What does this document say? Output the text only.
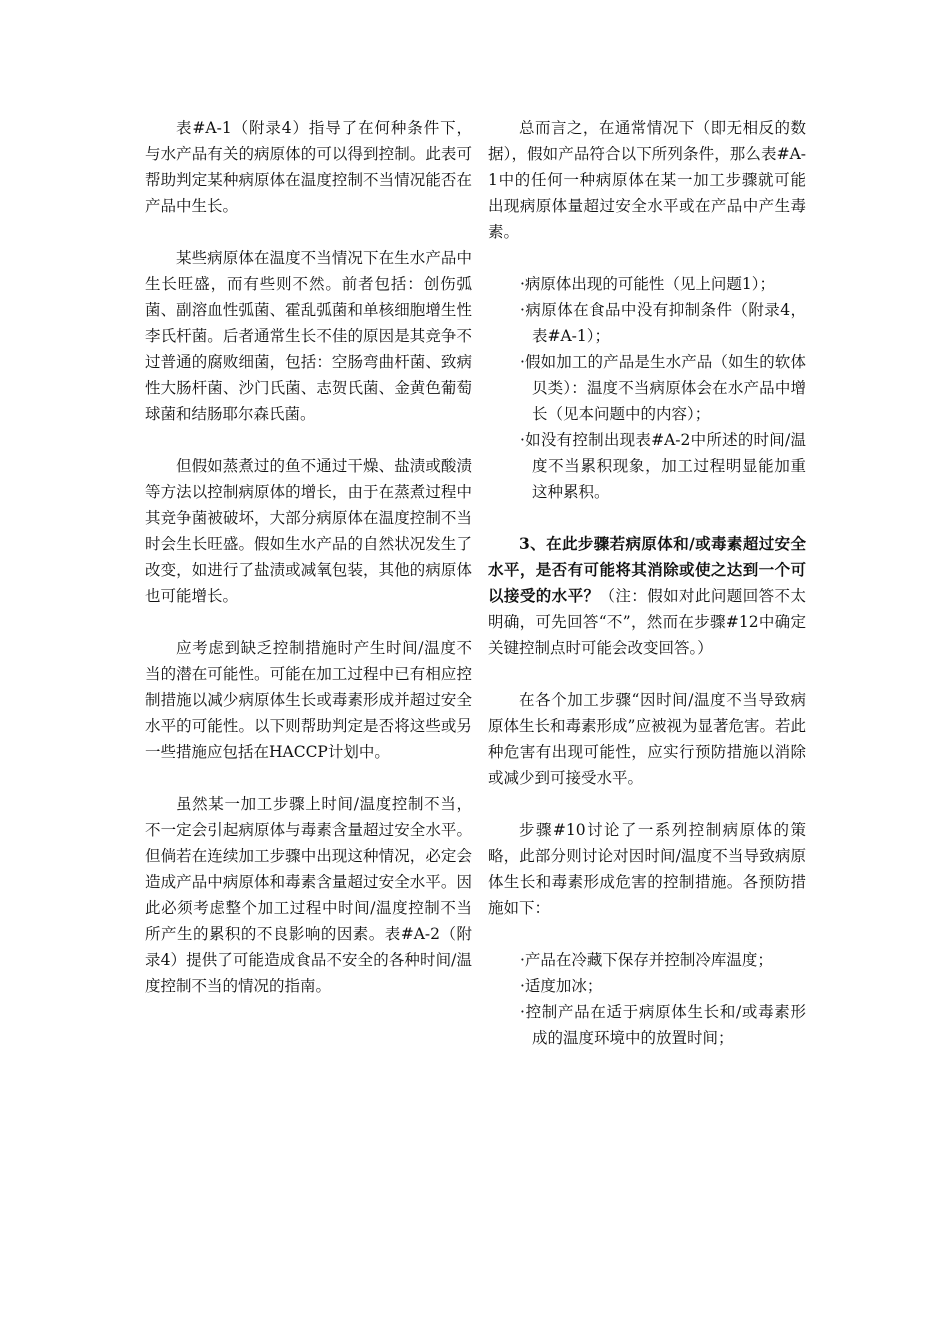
表#A-1（附录4）指导了在何种条件下，与水产品有关的病原体的可以得到控制。此表可帮助判定某种病原体在温度控制不当情况能否在产品中生长。

某些病原体在温度不当情况下在生水产品中生长旺盛，而有些则不然。前者包括：创伤弧菌、副溶血性弧菌、霍乱弧菌和单核细胞增生性李氏杆菌。后者通常生长不佳的原因是其竞争不过普通的腐败细菌，包括：空肠弯曲杆菌、致病性大肠杆菌、沙门氏菌、志贺氏菌、金黄色葡萄球菌和结肠耶尔森氏菌。

但假如蒸煮过的鱼不通过干燥、盐渍或酸渍等方法以控制病原体的增长，由于在蒸煮过程中其竞争菌被破坏，大部分病原体在温度控制不当时会生长旺盛。假如生水产品的自然状况发生了改变，如进行了盐渍或减氧包装，其他的病原体也可能增长。

应考虑到缺乏控制措施时产生时间/温度不当的潜在可能性。可能在加工过程中已有相应控制措施以减少病原体生长或毒素形成并超过安全水平的可能性。以下则帮助判定是否将这些或另一些措施应包括在HACCP计划中。

虽然某一加工步骤上时间/温度控制不当，不一定会引起病原体与毒素含量超过安全水平。但倘若在连续加工步骤中出现这种情况，必定会造成产品中病原体和毒素含量超过安全水平。因此必须考虑整个加工过程中时间/温度控制不当所产生的累积的不良影响的因素。表#A-2（附录4）提供了可能造成食品不安全的各种时间/温度控制不当的情况的指南。

总而言之，在通常情况下（即无相反的数据），假如产品符合以下所列条件，那么表#A-1中的任何一种病原体在某一加工步骤就可能出现病原体量超过安全水平或在产品中产生毒素。

·病原体出现的可能性（见上问题1）；
·病原体在食品中没有抑制条件（附录4，表#A-1）；
·假如加工的产品是生水产品（如生的软体贝类）：温度不当病原体会在水产品中增长（见本问题中的内容）；
·如没有控制出现表#A-2中所述的时间/温度不当累积现象，加工过程明显能加重这种累积。

3、在此步骤若病原体和/或毒素超过安全水平，是否有可能将其消除或使之达到一个可以接受的水平？（注：假如对此问题回答不太明确，可先回答“不”，然而在步骤#12中确定关键控制点时可能会改变回答。）

在各个加工步骤“因时间/温度不当导致病原体生长和毒素形成”应被视为显著危害。若此种危害有出现可能性，应实行预防措施以消除或减少到可接受水平。

步骤#10讨论了一系列控制病原体的策略，此部分则讨论对因时间/温度不当导致病原体生长和毒素形成危害的控制措施。各预防措施如下：

·产品在冷藏下保存并控制冷库温度；
·适度加冰；
·控制产品在适于病原体生长和/或毒素形成的温度环境中的放置时间；
